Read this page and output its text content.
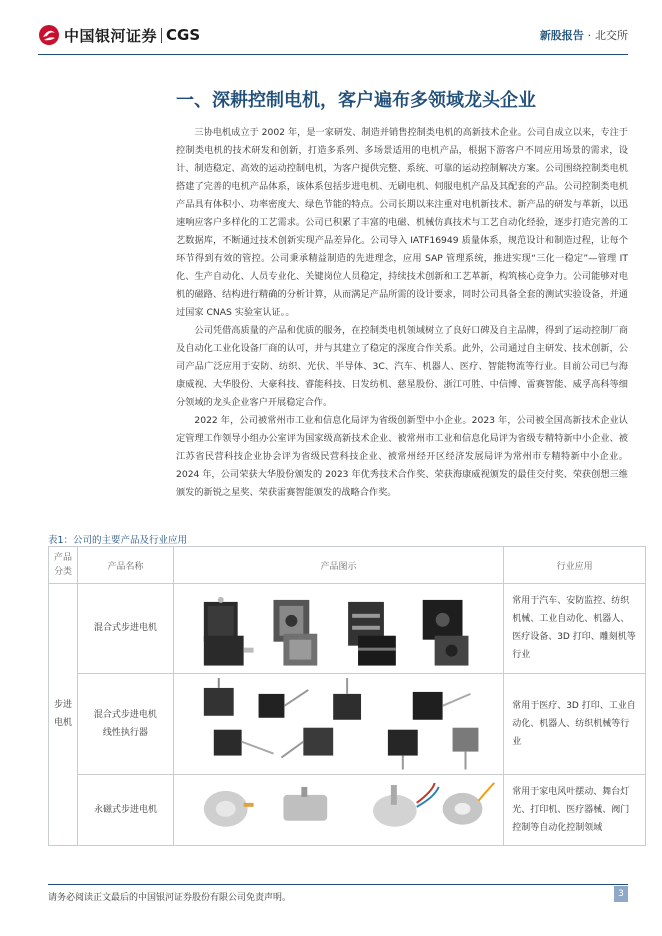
中国银河证券 CGS	新股报告 · 北交所
一、深耕控制电机，客户遍布多领域龙头企业

三协电机成立于 2002 年，是一家研发、制造并销售控制类电机的高新技术企业。公司自成立以来，专注于控制类电机的技术研发和创新，打造多系列、多场景适用的电机产品，根据下游客户不同应用场景的需求，设计、制造稳定、高效的运动控制电机，为客户提供完整、系统、可靠的运动控制解决方案。公司围绕控制类电机搭建了完善的电机产品体系，该体系包括步进电机、无刷电机、伺服电机产品及其配套的产品。公司控制类电机产品具有体积小、功率密度大、绿色节能的特点。公司长期以来注重对电机新技术、新产品的研发与革新，以迅速响应客户多样化的工艺需求。公司已积累了丰富的电磁、机械仿真技术与工艺自动化经验，逐步打造完善的工艺数据库，不断通过技术创新实现产品差异化。公司导入 IATF16949 质量体系，规范设计和制造过程，让每个环节得到有效的管控。公司秉承精益制造的先进理念，应用 SAP 管理系统，推进实现“三化一稳定”—管理 IT 化、生产自动化、人员专业化、关键岗位人员稳定，持续技术创新和工艺革新，构筑核心竞争力。公司能够对电机的磁路、结构进行精确的分析计算，从而满足产品所需的设计要求，同时公司具备全套的测试实验设备，并通过国家 CNAS 实验室认证。。

公司凭借高质量的产品和优质的服务，在控制类电机领域树立了良好口碑及自主品牌，得到了运动控制厂商及自动化工业化设备厂商的认可，并与其建立了稳定的深度合作关系。此外，公司通过自主研发、技术创新，公司产品广泛应用于安防、纺织、光伏、半导体、3C、汽车、机器人、医疗、智能物流等行业。目前公司已与海康威视、大华股份、大豪科技、睿能科技、日发纺机、慈星股份、浙江可胜、中信博、雷赛智能、威孚高科等细分领域的龙头企业客户开展稳定合作。

2022 年，公司被常州市工业和信息化局评为省级创新型中小企业。2023 年，公司被全国高新技术企业认定管理工作领导小组办公室评为国家级高新技术企业、被常州市工业和信息化局评为省级专精特新中小企业、被江苏省民营科技企业协会评为省级民营科技企业、被常州经开区经济发展局评为常州市专精特新中小企业。2024 年，公司荣获大华股份颁发的 2023 年优秀技术合作奖、荣获海康威视颁发的最佳交付奖、荣获创想三维颁发的新锐之星奖、荣获雷赛智能颁发的战略合作奖。

表1：公司的主要产品及行业应用
产品分类	产品名称	产品图示	行业应用
步进电机	混合式步进电机		常用于汽车、安防监控、纺织机械、工业自动化、机器人、医疗设备、3D 打印、雕刻机等行业
	混合式步进电机线性执行器		常用于医疗、3D 打印、工业自动化、机器人、纺织机械等行业
	永磁式步进电机		常用于家电风叶摆动、舞台灯光、打印机、医疗器械、阀门控制等自动化控制领域
请务必阅读正文最后的中国银河证券股份有限公司免责声明。	3
